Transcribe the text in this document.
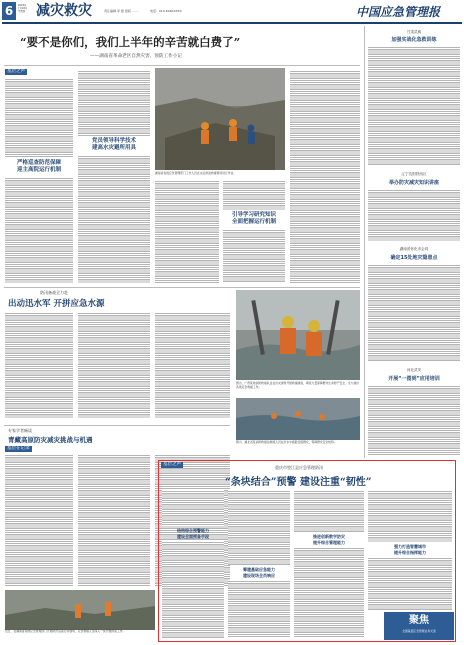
6	2024年
7月18日
星期四 减灾救灾	责任编辑 李 强 组版 ……	电话：010-6440XXXX	中国应急管理报
“要不是你们，我们上半年的辛苦就白费了”
——湖南省革命老区自然灾害、预防工作小记
基层之声
严格巡查防范保障
迎主高院运行机制
党员领导科学技术
建高水灾避所用具
湖南省各级应急管理部门工作人员在灾后排查救援现场进行作业。
引导学习研究知识
全面把握运行机制
防汛备战全力赴
出动迅水军 开拼应急水源
图为，广西某地消防救援队伍在洪灾现场开展救援演练，调派力量保障群众生命财产安全，全力做好各项应急救援工作。
图为，湖北省某消防救援站救援人员在洪水中疏散受困群众，保障群众安全转移。
专家学者畅谈
青藏高原防灾减灾挑战与机遇
基层在记录
近日，在湖南省某地应急管理部门开展防汛巡查行动现场，应急救援人员深入一线开展排查工作。
基层之声
重庆市垫江县应急管理防汛
“条块结合”预警 建设注重“韧性”
结构综合预警能力
建设全面预备手段
筹建基础应急能力
建设现场全员响应
推进创新数字防灾
提升综合管理能力
强力打造智慧城市
提升综合指挥能力
聚焦
全国基层应急管理业务交流
甘肃武威
加强实战化急救训练
辽宁沈阳铁西区
举办防灾减灾知识讲座
湖南省怀化市会同
确定15处地灾隐患点
河北武安
开展“一图到”应用培训
